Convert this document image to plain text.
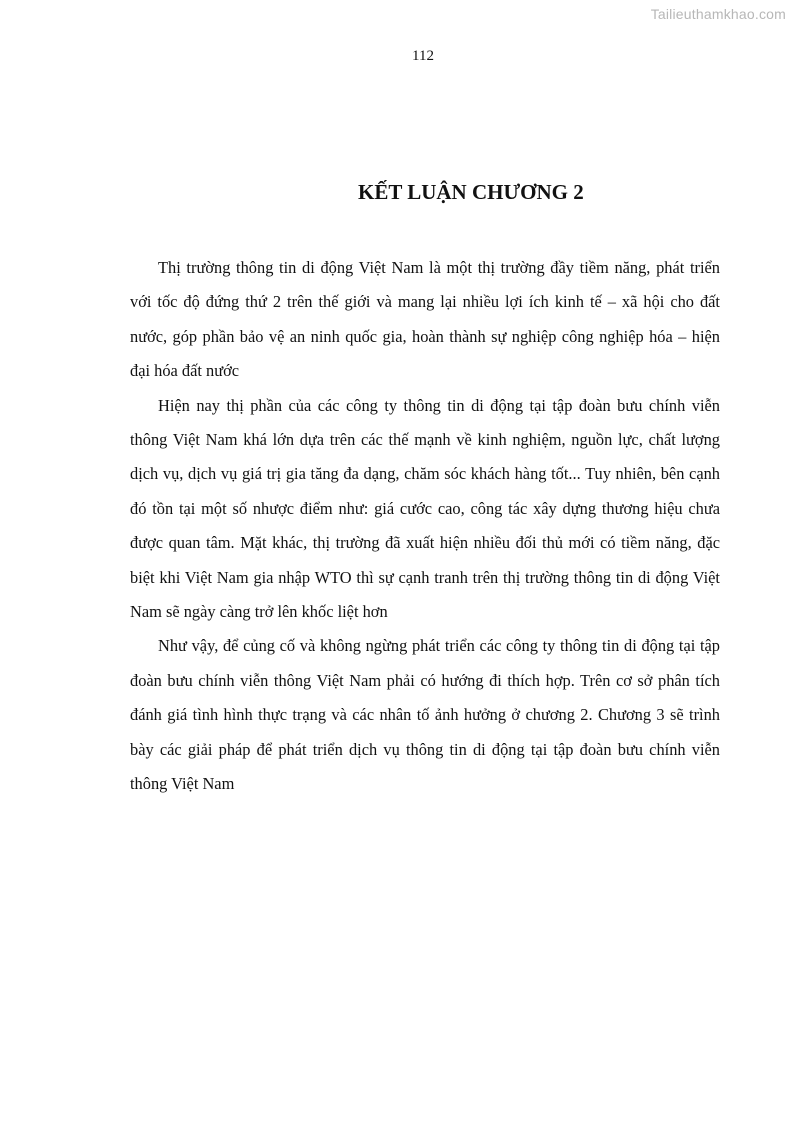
Tailieuthamkhao.com
112
KẾT LUẬN CHƯƠNG 2

Thị trường thông tin di động Việt Nam là một thị trường đầy tiềm năng, phát triển với tốc độ đứng thứ 2 trên thế giới và mang lại nhiều lợi ích kinh tế – xã hội cho đất nước, góp phần bảo vệ an ninh quốc gia, hoàn thành sự nghiệp công nghiệp hóa – hiện đại hóa đất nước

Hiện nay thị phần của các công ty thông tin di động tại tập đoàn bưu chính viễn thông Việt Nam khá lớn dựa trên các thế mạnh về kinh nghiệm, nguồn lực, chất lượng dịch vụ, dịch vụ giá trị gia tăng đa dạng, chăm sóc khách hàng tốt... Tuy nhiên, bên cạnh đó tồn tại một số nhược điểm như: giá cước cao, công tác xây dựng thương hiệu chưa được quan tâm. Mặt khác, thị trường đã xuất hiện nhiều đối thủ mới có tiềm năng, đặc biệt khi Việt Nam gia nhập WTO thì sự cạnh tranh trên thị trường thông tin di động Việt Nam sẽ ngày càng trở lên khốc liệt hơn

Như vậy, để củng cố và không ngừng phát triển các công ty thông tin di động tại tập đoàn bưu chính viễn thông Việt Nam phải có hướng đi thích hợp. Trên cơ sở phân tích đánh giá tình hình thực trạng và các nhân tố ảnh hưởng ở chương 2. Chương 3 sẽ trình bày các giải pháp để phát triển dịch vụ thông tin di động tại tập đoàn bưu chính viễn thông Việt Nam
